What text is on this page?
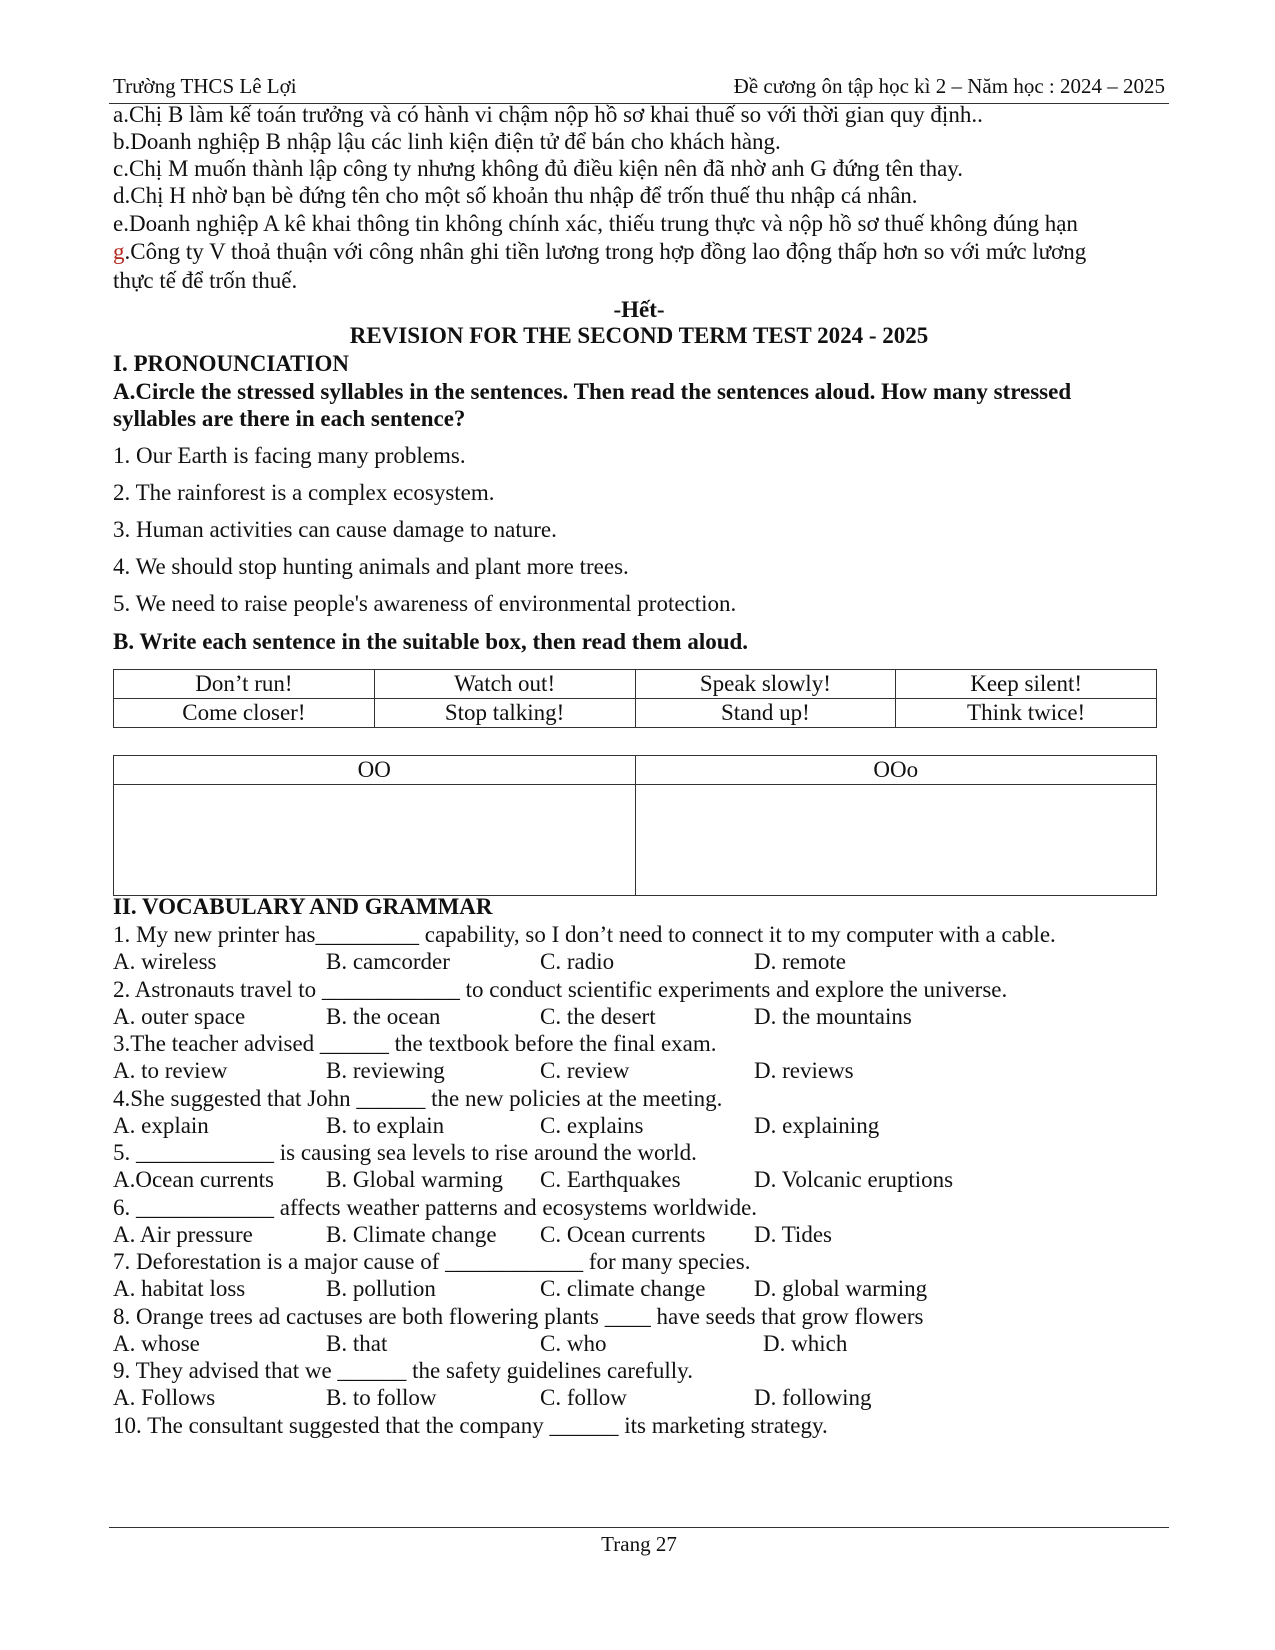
Trường THCS Lê Lợi	Đề cương ôn tập học kì 2 – Năm học : 2024 – 2025
a.Chị B làm kế toán trưởng và có hành vi chậm nộp hồ sơ khai thuế so với thời gian quy định..
b.Doanh nghiệp B nhập lậu các linh kiện điện tử để bán cho khách hàng.
c.Chị M muốn thành lập công ty nhưng không đủ điều kiện nên đã nhờ anh G đứng tên thay.
d.Chị H nhờ bạn bè đứng tên cho một số khoản thu nhập để trốn thuế thu nhập cá nhân.
e.Doanh nghiệp A kê khai thông tin không chính xác, thiếu trung thực và nộp hồ sơ thuế không đúng hạn
g.Công ty V thoả thuận với công nhân ghi tiền lương trong hợp đồng lao động thấp hơn so với mức lương
thực tế để trốn thuế.
-Hết-
REVISION FOR THE SECOND TERM TEST 2024 - 2025
I. PRONOUNCIATION
A.Circle the stressed syllables in the sentences. Then read the sentences aloud. How many stressed
syllables are there in each sentence?
1. Our Earth is facing many problems.
2. The rainforest is a complex ecosystem.
3. Human activities can cause damage to nature.
4. We should stop hunting animals and plant more trees.
5. We need to raise people's awareness of environmental protection.
B. Write each sentence in the suitable box, then read them aloud.
Don’t run!	Watch out!	Speak slowly!	Keep silent!
Come closer!	Stop talking!	Stand up!	Think twice!
OO	OOo

II. VOCABULARY AND GRAMMAR
1. My new printer has_________ capability, so I don’t need to connect it to my computer with a cable.
A. wireless	B. camcorder	C. radio	D. remote
2. Astronauts travel to ____________ to conduct scientific experiments and explore the universe.
A. outer space	B. the ocean	C. the desert	D. the mountains
3.The teacher advised ______ the textbook before the final exam.
A. to review	B. reviewing	C. review	D. reviews
4.She suggested that John ______ the new policies at the meeting.
A. explain	B. to explain	C. explains	D. explaining
5. ____________ is causing sea levels to rise around the world.
A.Ocean currents B. Global warming C. Earthquakes	D. Volcanic eruptions
6. ____________ affects weather patterns and ecosystems worldwide.
A. Air pressure	B. Climate change C. Ocean currents D. Tides
7. Deforestation is a major cause of ____________ for many species.
A. habitat loss	B. pollution	C. climate change D. global warming
8. Orange trees ad cactuses are both flowering plants ____ have seeds that grow flowers
A. whose	B. that	C. who	D. which
9. They advised that we ______ the safety guidelines carefully.
A. Follows	B. to follow	C. follow	D. following
10. The consultant suggested that the company ______ its marketing strategy.
Trang 27
